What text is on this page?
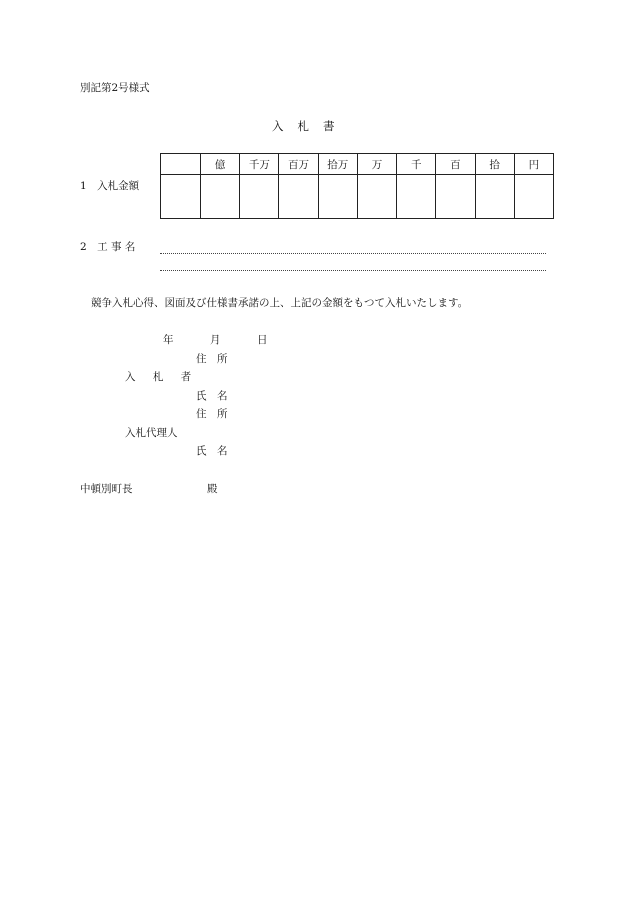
別記第2号様式
入札書
	億	千万	百万	拾万	万	千	百	拾	円

1　入札金額
2　工 事 名
競争入札心得、図面及び仕様書承諾の上、上記の金額をもつて入札いたします。
年	月	日
住　所
入 札 者
氏　名
住　所
入札代理人
氏　名
中頓別町長	殿
